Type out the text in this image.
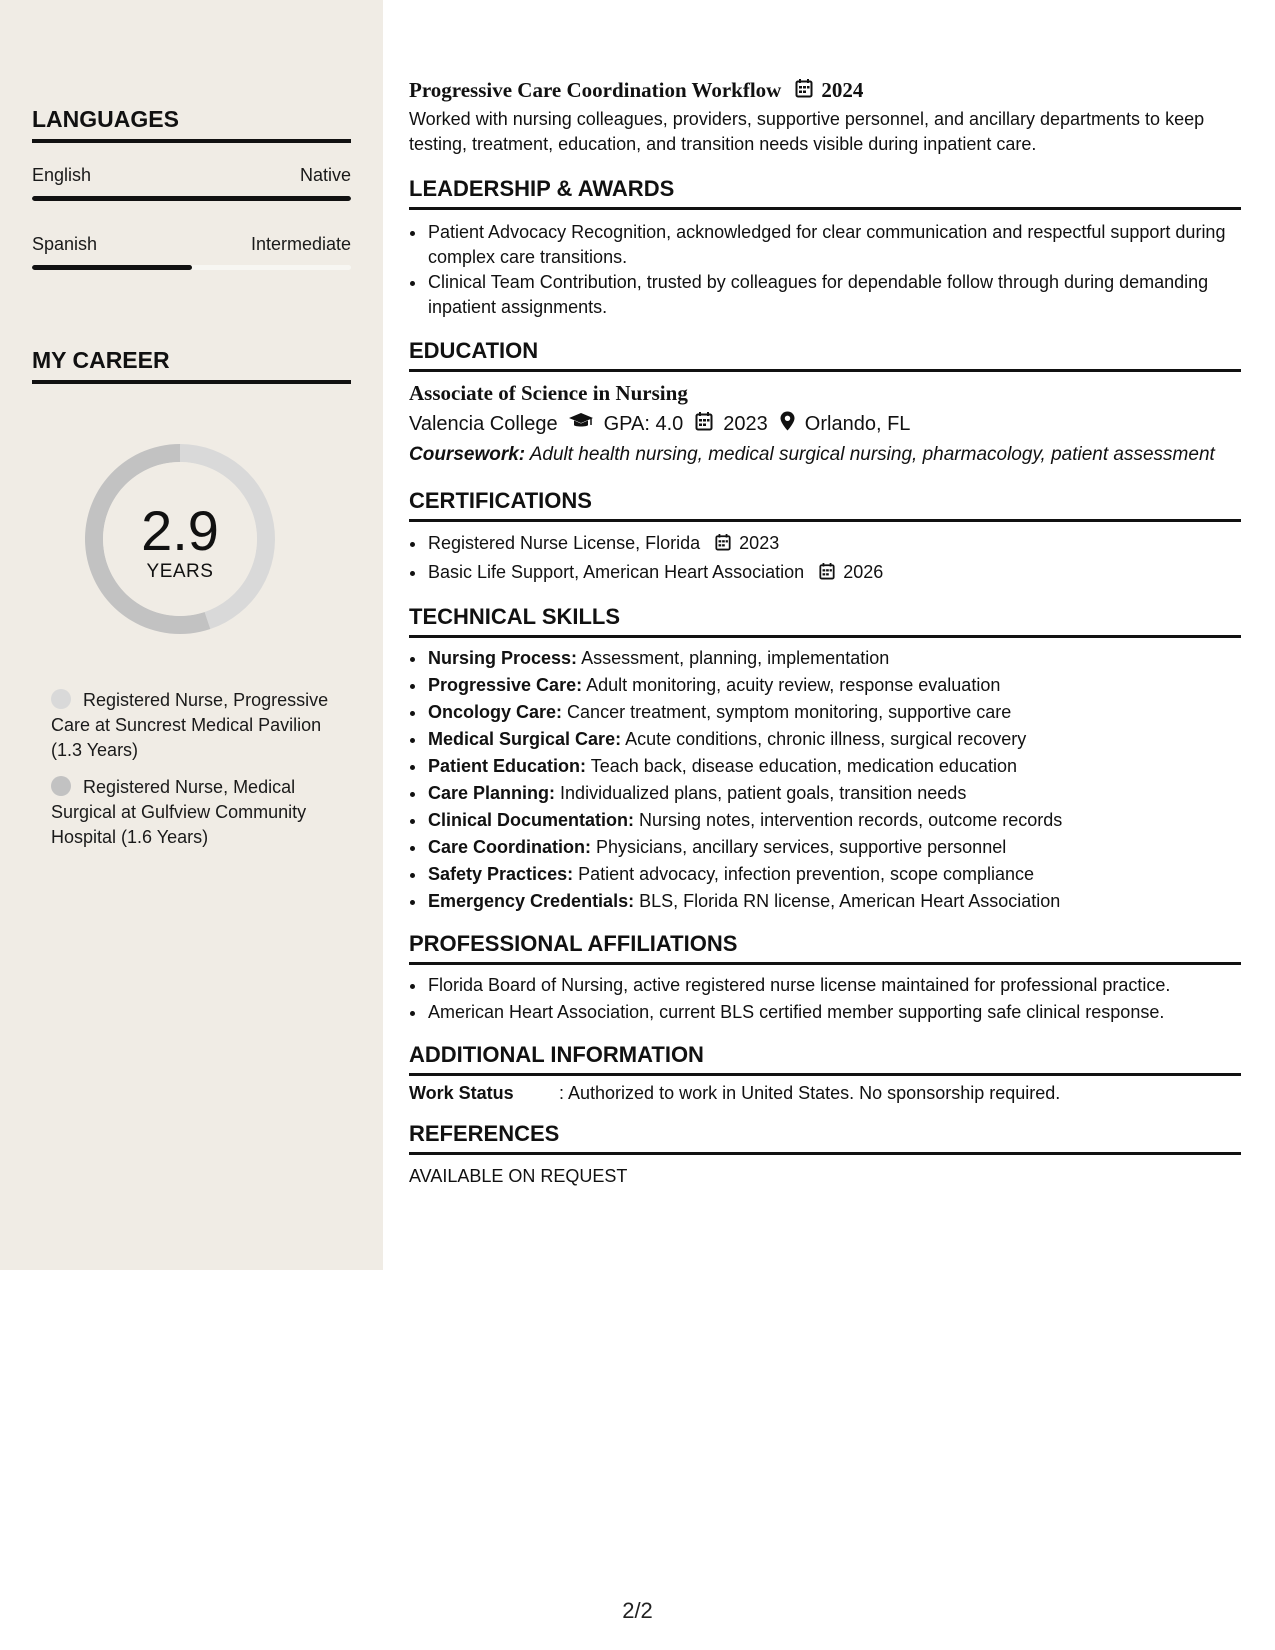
LANGUAGES
English	Native
Spanish	Intermediate
MY CAREER
2.9
YEARS
Registered Nurse, Progressive Care at Suncrest Medical Pavilion (1.3 Years)
Registered Nurse, Medical Surgical at Gulfview Community Hospital (1.6 Years)
Progressive Care Coordination Workflow 2024
Worked with nursing colleagues, providers, supportive personnel, and ancillary departments to keep testing, treatment, education, and transition needs visible during inpatient care.
LEADERSHIP & AWARDS
• Patient Advocacy Recognition, acknowledged for clear communication and respectful support during complex care transitions.
• Clinical Team Contribution, trusted by colleagues for dependable follow through during demanding inpatient assignments.
EDUCATION
Associate of Science in Nursing
Valencia College GPA: 4.0 2023 Orlando, FL
Coursework: Adult health nursing, medical surgical nursing, pharmacology, patient assessment
CERTIFICATIONS
• Registered Nurse License, Florida 2023
• Basic Life Support, American Heart Association 2026
TECHNICAL SKILLS
• Nursing Process: Assessment, planning, implementation
• Progressive Care: Adult monitoring, acuity review, response evaluation
• Oncology Care: Cancer treatment, symptom monitoring, supportive care
• Medical Surgical Care: Acute conditions, chronic illness, surgical recovery
• Patient Education: Teach back, disease education, medication education
• Care Planning: Individualized plans, patient goals, transition needs
• Clinical Documentation: Nursing notes, intervention records, outcome records
• Care Coordination: Physicians, ancillary services, supportive personnel
• Safety Practices: Patient advocacy, infection prevention, scope compliance
• Emergency Credentials: BLS, Florida RN license, American Heart Association
PROFESSIONAL AFFILIATIONS
• Florida Board of Nursing, active registered nurse license maintained for professional practice.
• American Heart Association, current BLS certified member supporting safe clinical response.
ADDITIONAL INFORMATION
Work Status	: Authorized to work in United States. No sponsorship required.
REFERENCES
AVAILABLE ON REQUEST
2/2
